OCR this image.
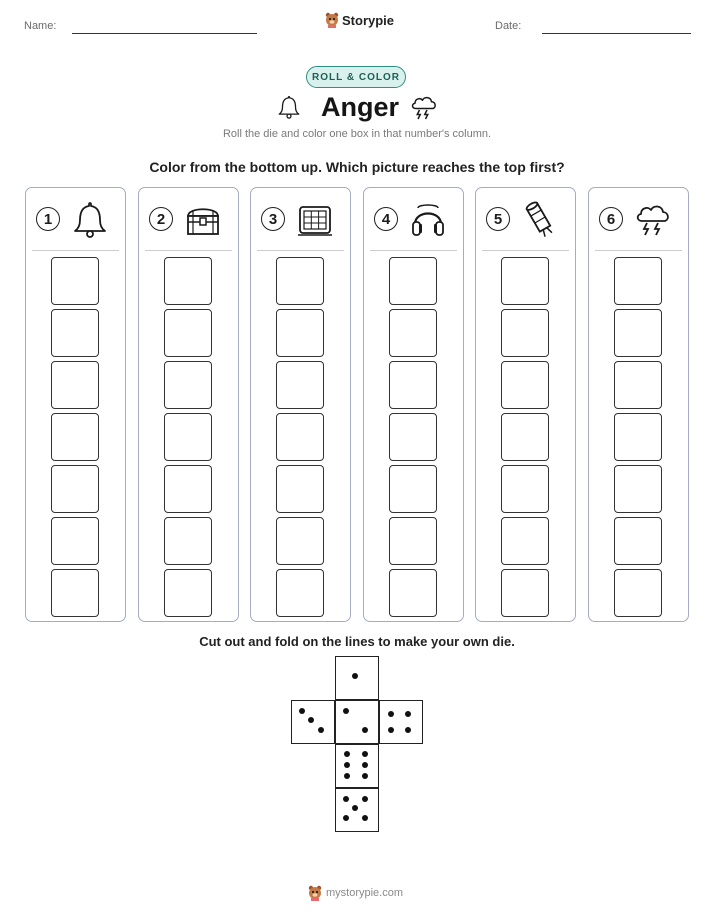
Name:	Storypie	Date:
ROLL & COLOR
Anger
Roll the die and color one box in that number's column.
Color from the bottom up. Which picture reaches the top first?
1	2	3	4	5	6
Cut out and fold on the lines to make your own die.
mystorypie.com
